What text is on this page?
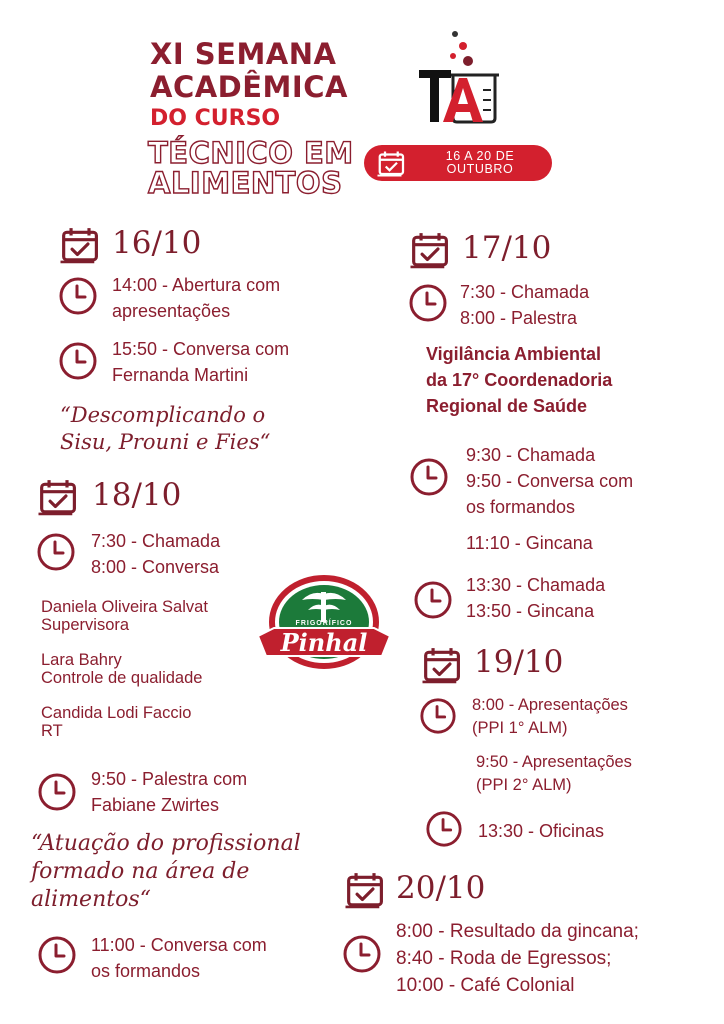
XI SEMANA
ACADÊMICA
DO CURSO
TÉCNICO EM
ALIMENTOS
16 A 20 DE
OUTUBRO
16/10
14:00 - Abertura com
apresentações
15:50 - Conversa com
Fernanda Martini
“Descomplicando o
Sisu, Prouni e Fies“
18/10
7:30 - Chamada
8:00 - Conversa
Daniela Oliveira Salvat
Supervisora
Lara Bahry
Controle de qualidade
Candida Lodi Faccio
RT
9:50 - Palestra com
Fabiane Zwirtes
“Atuação do profissional
formado na área de
alimentos“
11:00 - Conversa com
os formandos
FRIGORÍFICO
Pinhal
17/10
7:30 - Chamada
8:00 - Palestra
Vigilância Ambiental
da 17° Coordenadoria
Regional de Saúde
9:30 - Chamada
9:50 - Conversa com
os formandos
11:10 - Gincana
13:30 - Chamada
13:50 - Gincana
19/10
8:00 - Apresentações
(PPI 1° ALM)
9:50 - Apresentações
(PPI 2° ALM)
13:30 - Oficinas
20/10
8:00 - Resultado da gincana;
8:40 - Roda de Egressos;
10:00 - Café Colonial
